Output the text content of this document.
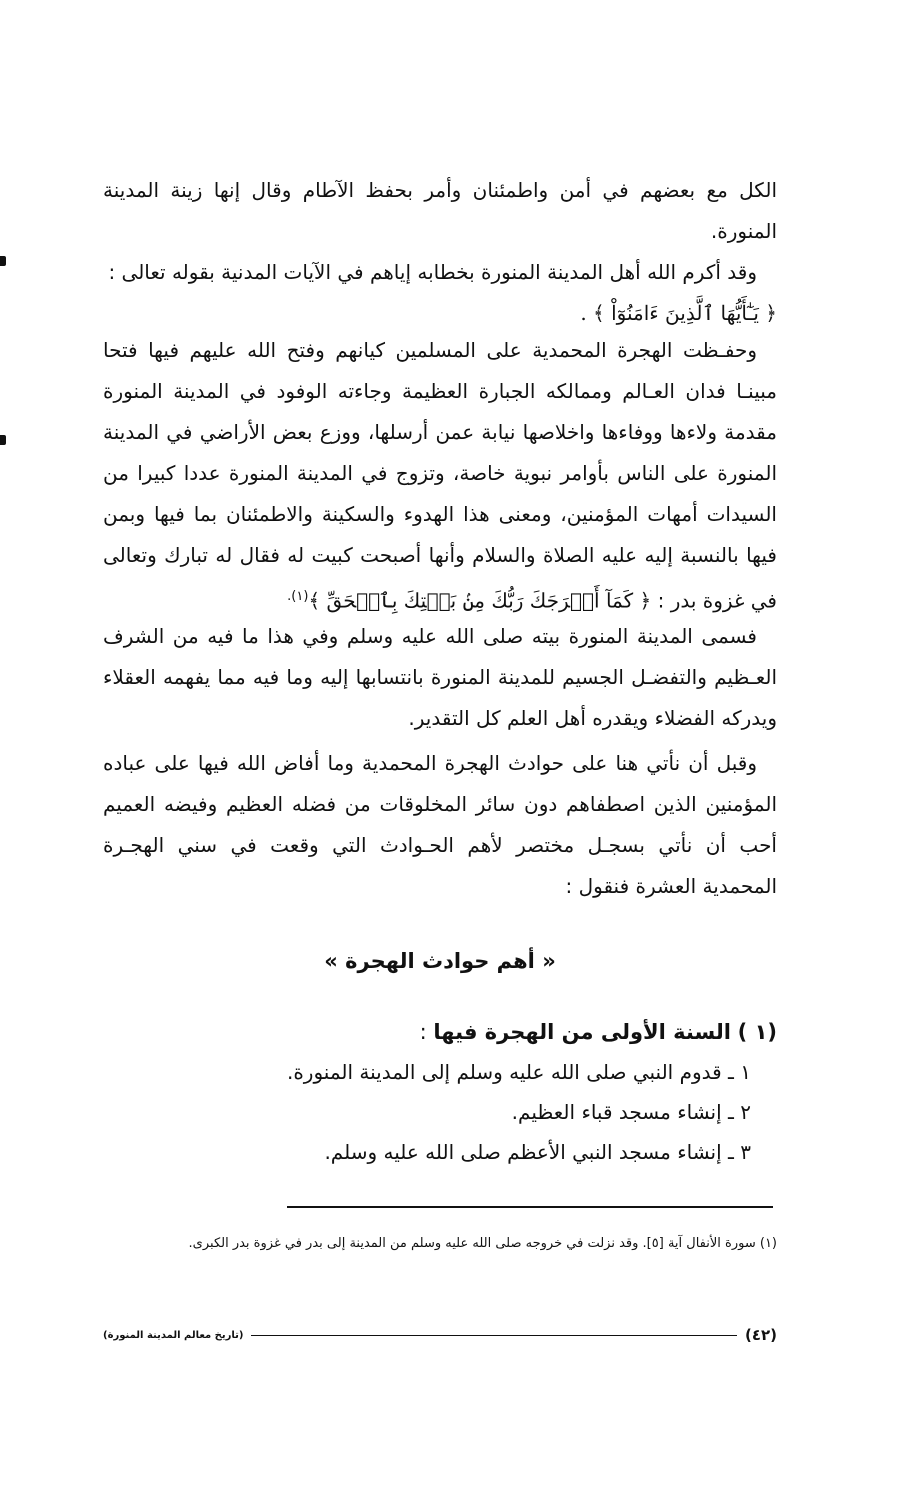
الكل مع بعضهم في أمن واطمئنان وأمر بحفظ الآطام وقال إنها زينة المدينة المنورة.

وقد أكرم الله أهل المدينة المنورة بخطابه إياهم في الآيات المدنية بقوله تعالى :
﴿ يَـٰٓأَيُّهَا ٱلَّذِينَ ءَامَنُوٓاْ ﴾ .

وحفـظت الهجرة المحمدية على المسلمين كيانهم وفتح الله عليهم فيها فتحا مبينـا فدان العـالم وممالكه الجبارة العظيمة وجاءته الوفود في المدينة المنورة مقدمة ولاءها ووفاءها واخلاصها نيابة عمن أرسلها، ووزع بعض الأراضي في المدينة المنورة على الناس بأوامر نبوية خاصة، وتزوج في المدينة المنورة عددا كبيرا من السيدات أمهات المؤمنين، ومعنى هذا الهدوء والسكينة والاطمئنان بما فيها وبمن فيها بالنسبة إليه عليه الصلاة والسلام وأنها أصبحت كبيت له فقال له تبارك وتعالى في غزوة بدر : ﴿ كَمَآ أَخۡرَجَكَ رَبُّكَ مِنۢ بَيۡتِكَ بِٱلۡحَقِّ ﴾$^{(١).}$

فسمى المدينة المنورة بيته صلى الله عليه وسلم وفي هذا ما فيه من الشرف العـظيم والتفضـل الجسيم للمدينة المنورة بانتسابها إليه وما فيه مما يفهمه العقلاء ويدركه الفضلاء ويقدره أهل العلم كل التقدير.

وقبل أن نأتي هنا على حوادث الهجرة المحمدية وما أفاض الله فيها على عباده المؤمنين الذين اصطفاهم دون سائر المخلوقات من فضله العظيم وفيضه العميم أحب أن نأتي بسجـل مختصر لأهم الحـوادث التي وقعت في سني الهجـرة المحمدية العشرة فنقول :

« أهم حوادث الهجرة »
(١ ) السنة الأولى من الهجرة فيها :
١ ـ قدوم النبي صلى الله عليه وسلم إلى المدينة المنورة.
٢ ـ إنشاء مسجد قباء العظيم.
٣ ـ إنشاء مسجد النبي الأعظم صلى الله عليه وسلم.
(١) سورة الأنفال آية [٥]. وقد نزلت في خروجه صلى الله عليه وسلم من المدينة إلى بدر في غزوة بدر الكبرى.
(تاريخ معالم المدينة المنورة)	(٤٢)
